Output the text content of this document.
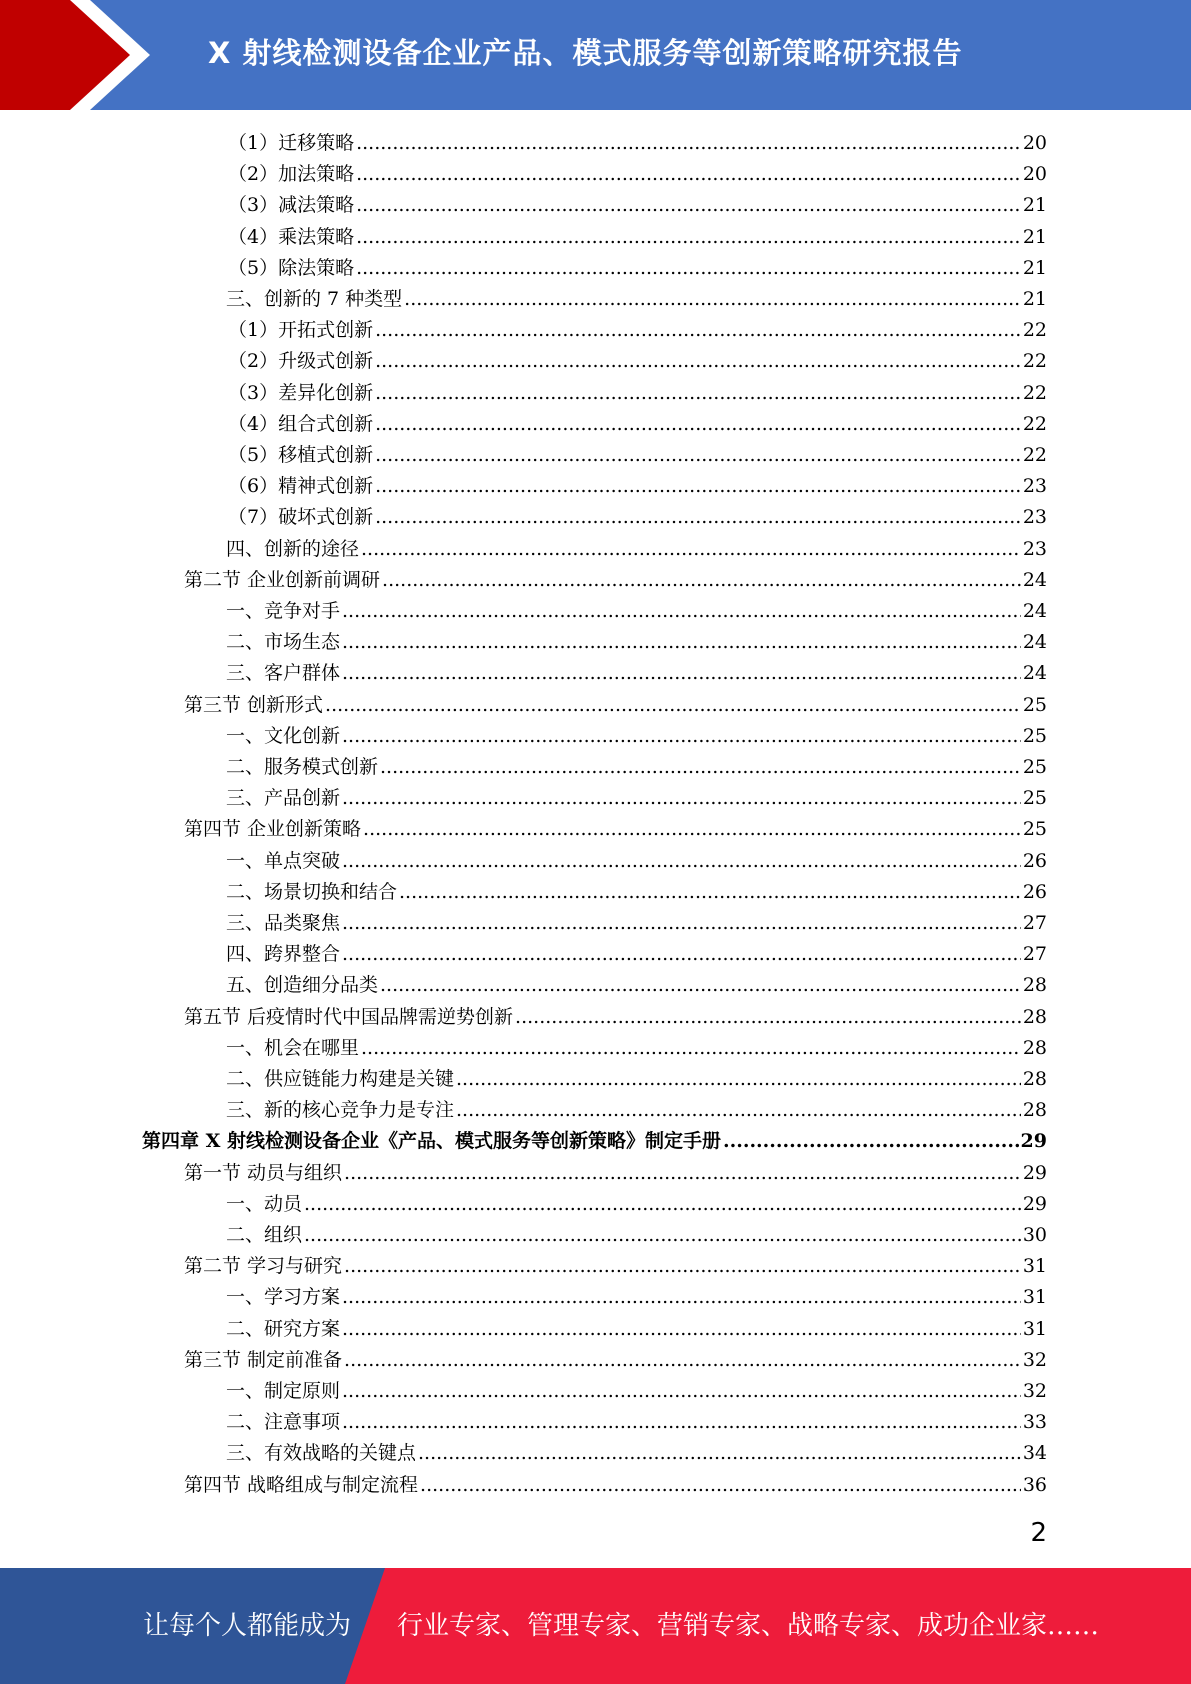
X 射线检测设备企业产品、模式服务等创新策略研究报告
（1）迁移策略 .....	20
（2）加法策略 .....	20
（3）减法策略 .....	21
（4）乘法策略 .....	21
（5）除法策略 .....	21
三、创新的 7 种类型 .....	21
（1）开拓式创新 .....	22
（2）升级式创新 .....	22
（3）差异化创新 .....	22
（4）组合式创新 .....	22
（5）移植式创新 .....	22
（6）精神式创新 .....	23
（7）破坏式创新 .....	23
四、创新的途径 .....	23
第二节 企业创新前调研 .....	24
一、竞争对手 .....	24
二、市场生态 .....	24
三、客户群体 .....	24
第三节 创新形式 .....	25
一、文化创新 .....	25
二、服务模式创新 .....	25
三、产品创新 .....	25
第四节 企业创新策略 .....	25
一、单点突破 .....	26
二、场景切换和结合 .....	26
三、品类聚焦 .....	27
四、跨界整合 .....	27
五、创造细分品类 .....	28
第五节 后疫情时代中国品牌需逆势创新 .....	28
一、机会在哪里 .....	28
二、供应链能力构建是关键 .....	28
三、新的核心竞争力是专注 .....	28
第四章 X 射线检测设备企业《产品、模式服务等创新策略》制定手册 .....	29
第一节 动员与组织 .....	29
一、动员 .....	29
二、组织 .....	30
第二节 学习与研究 .....	31
一、学习方案 .....	31
二、研究方案 .....	31
第三节 制定前准备 .....	32
一、制定原则 .....	32
二、注意事项 .....	33
三、有效战略的关键点 .....	34
第四节 战略组成与制定流程 .....	36
2
让每个人都能成为 行业专家、管理专家、营销专家、战略专家、成功企业家……
